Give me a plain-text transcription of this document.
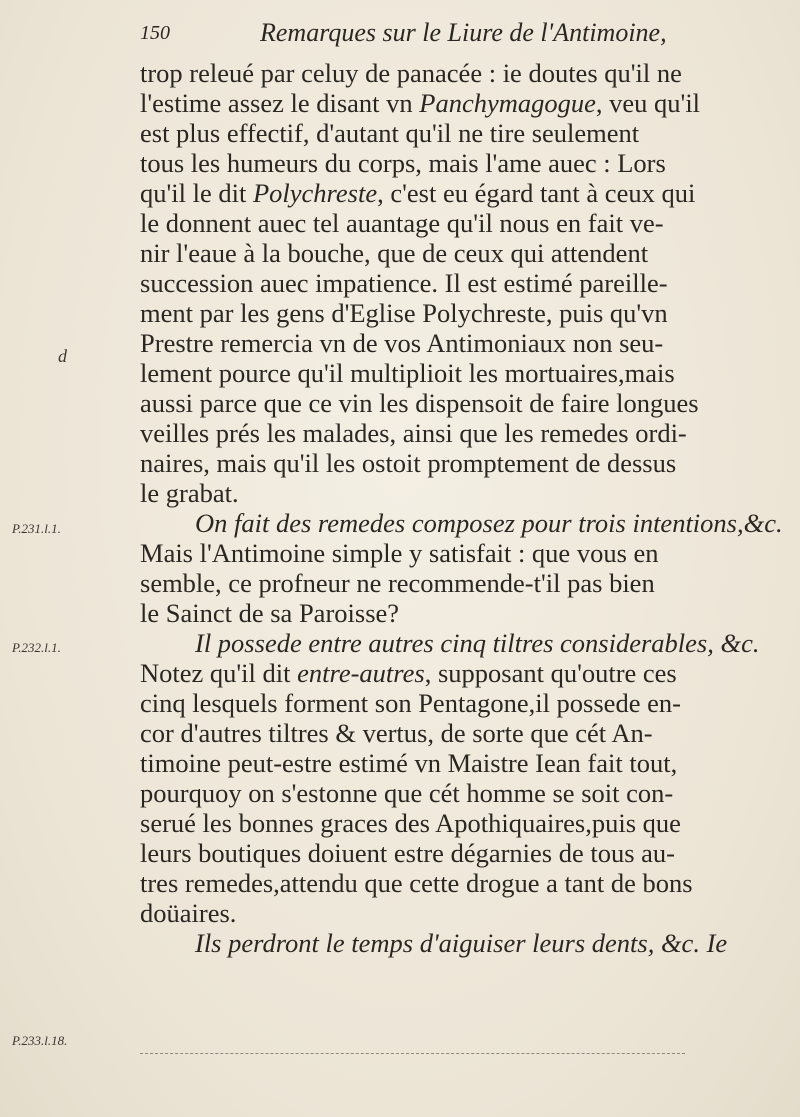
150	Remarques sur le Liure de l'Antimoine,
d
P.231.l.1.
P.232.l.1.
P.233.l.18.
trop releué par celuy de panacée : ie doutes qu'il ne
l'estime assez le disant vn Panchymagogue, veu qu'il
est plus effectif, d'autant qu'il ne tire seulement
tous les humeurs du corps, mais l'ame auec : Lors
qu'il le dit Polychreste, c'est eu égard tant à ceux qui
le donnent auec tel auantage qu'il nous en fait ve-
nir l'eaue à la bouche, que de ceux qui attendent
succession auec impatience. Il est estimé pareille-
ment par les gens d'Eglise Polychreste, puis qu'vn
Prestre remercia vn de vos Antimoniaux non seu-
lement pource qu'il multiplioit les mortuaires,mais
aussi parce que ce vin les dispensoit de faire longues
veilles prés les malades, ainsi que les remedes ordi-
naires, mais qu'il les ostoit promptement de dessus
le grabat.
On fait des remedes composez pour trois intentions,&c.
Mais l'Antimoine simple y satisfait : que vous en
semble, ce profneur ne recommende-t'il pas bien
le Sainct de sa Paroisse?
Il possede entre autres cinq tiltres considerables, &c.
Notez qu'il dit entre-autres, supposant qu'outre ces
cinq lesquels forment son Pentagone,il possede en-
cor d'autres tiltres & vertus, de sorte que cét An-
timoine peut-estre estimé vn Maistre Iean fait tout,
pourquoy on s'estonne que cét homme se soit con-
serué les bonnes graces des Apothiquaires,puis que
leurs boutiques doiuent estre dégarnies de tous au-
tres remedes,attendu que cette drogue a tant de bons
doüaires.
Ils perdront le temps d'aiguiser leurs dents, &c. Ie
